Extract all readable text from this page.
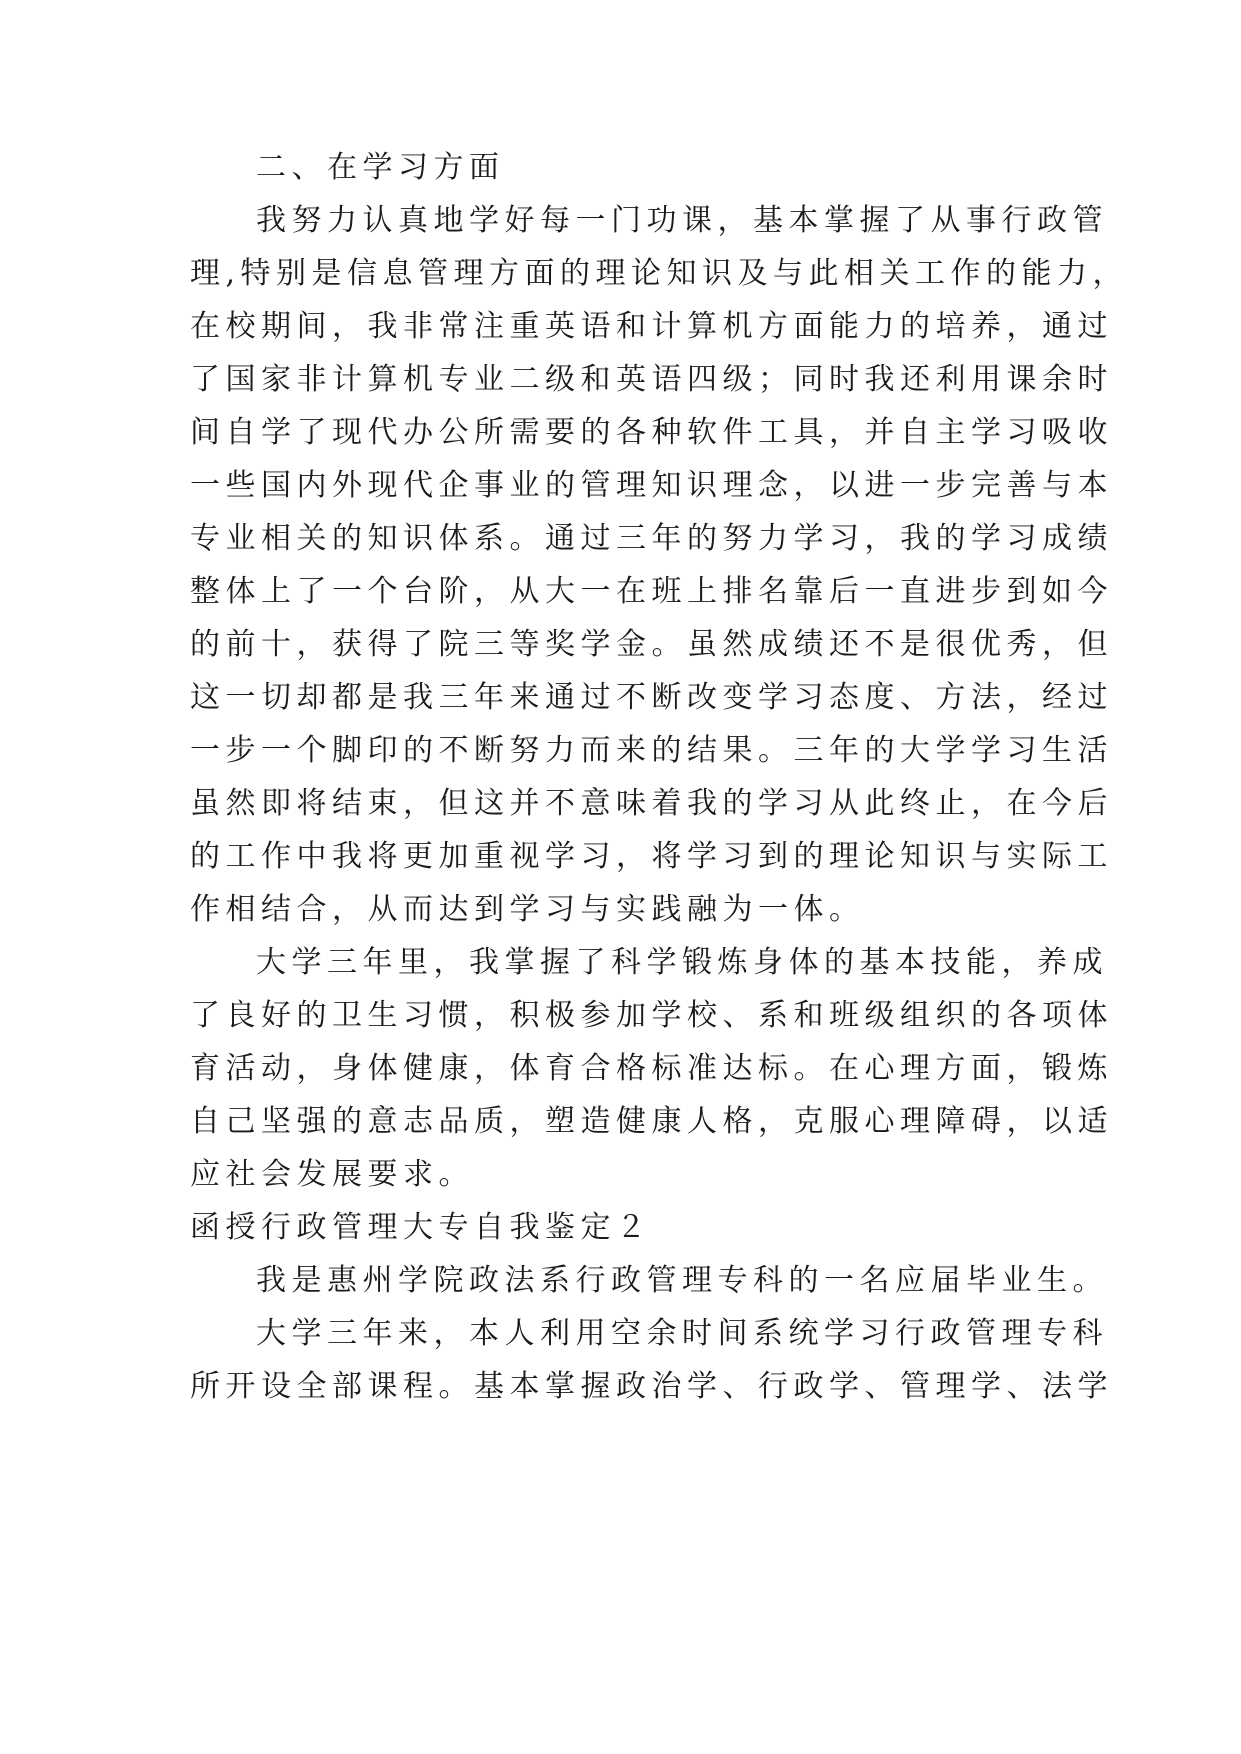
二、在学习方面
我努力认真地学好每一门功课，基本掌握了从事行政管
理,特别是信息管理方面的理论知识及与此相关工作的能力，
在校期间，我非常注重英语和计算机方面能力的培养，通过
了国家非计算机专业二级和英语四级；同时我还利用课余时
间自学了现代办公所需要的各种软件工具，并自主学习吸收
一些国内外现代企事业的管理知识理念，以进一步完善与本
专业相关的知识体系。通过三年的努力学习，我的学习成绩
整体上了一个台阶，从大一在班上排名靠后一直进步到如今
的前十，获得了院三等奖学金。虽然成绩还不是很优秀，但
这一切却都是我三年来通过不断改变学习态度、方法，经过
一步一个脚印的不断努力而来的结果。三年的大学学习生活
虽然即将结束，但这并不意味着我的学习从此终止，在今后
的工作中我将更加重视学习，将学习到的理论知识与实际工
作相结合，从而达到学习与实践融为一体。
大学三年里，我掌握了科学锻炼身体的基本技能，养成
了良好的卫生习惯，积极参加学校、系和班级组织的各项体
育活动，身体健康，体育合格标准达标。在心理方面，锻炼
自己坚强的意志品质，塑造健康人格，克服心理障碍，以适
应社会发展要求。
函授行政管理大专自我鉴定２
我是惠州学院政法系行政管理专科的一名应届毕业生。
大学三年来，本人利用空余时间系统学习行政管理专科
所开设全部课程。基本掌握政治学、行政学、管理学、法学
